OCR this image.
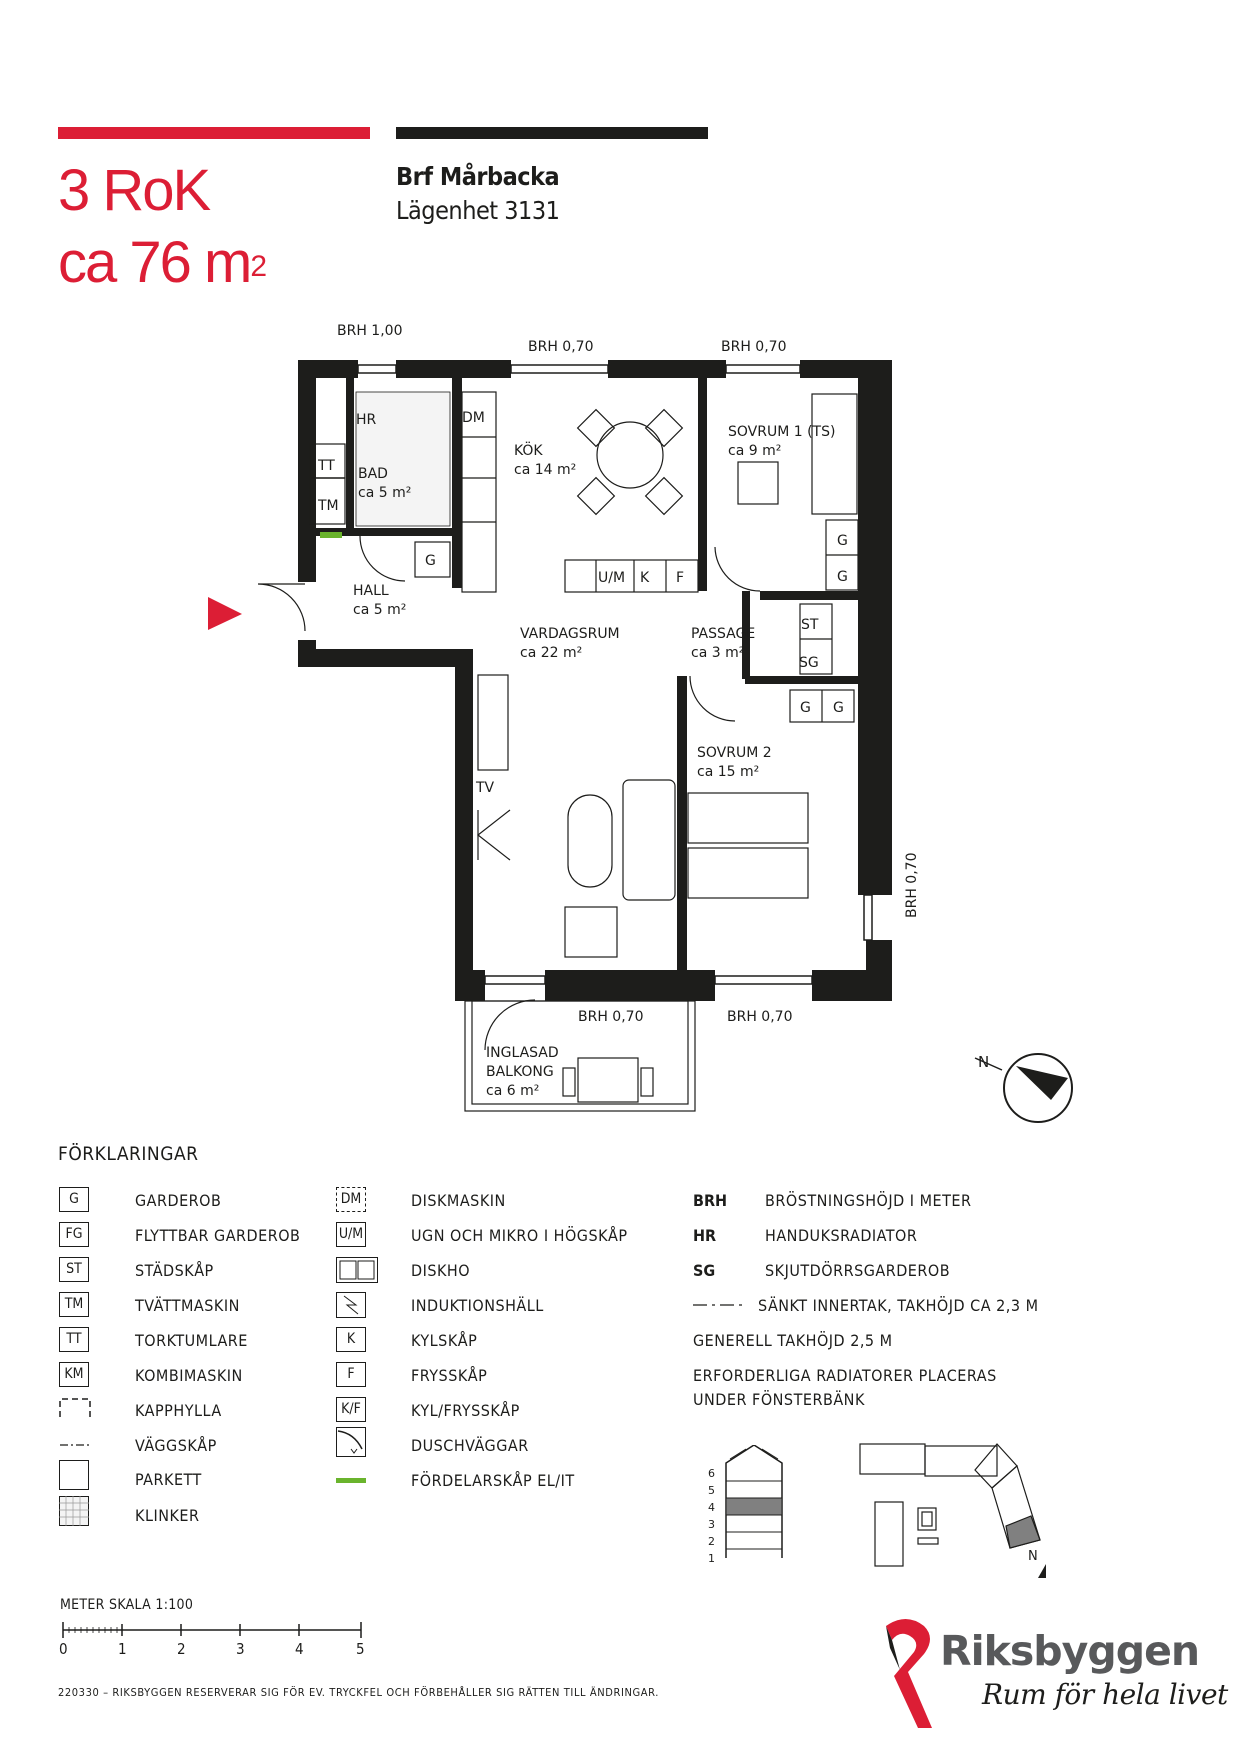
3 RoK
ca 76 $m^2$
Brf Mårbacka
Lägenhet 3131
BRH 1,00
BRH 0,70	BRH 0,70
BRH 0,70
BRH 0,70	BRH 0,70
HR	DM
KÖK
ca 14 m²
SOVRUM 1 (TS)
ca 9 m²
BAD
ca 5 m²
TT
TM
HALL
ca 5 m²
VARDAGSRUM
ca 22 m²
PASSAGE
ca 3 m²
SOVRUM 2
ca 15 m²
INGLASAD
BALKONG
ca 6 m²
TV
U/M K F
G
G
G
ST
SG
G G
N
FÖRKLARINGAR
G	GARDEROB
FG	FLYTTBAR GARDEROB
ST	STÄDSKÅP
TM	TVÄTTMASKIN
TT	TORKTUMLARE
KM	KOMBIMASKIN
KAPPHYLLA
VÄGGSKÅP
PARKETT
KLINKER
DM	DISKMASKIN
U/M	UGN OCH MIKRO I HÖGSKÅP
DISKHO
INDUKTIONSHÄLL
K	KYLSKÅP
F	FRYSSKÅP
K/F	KYL/FRYSSKÅP
DUSCHVÄGGAR
FÖRDELARSKÅP EL/IT
BRH BRÖSTNINGSHÖJD I METER
HR	HANDUKSRADIATOR
SG	SKJUTDÖRRSGARDEROB
SÄNKT INNERTAK, TAKHÖJD CA 2,3 M
GENERELL TAKHÖJD 2,5 M
ERFORDERLIGA RADIATORER PLACERAS
UNDER FÖNSTERBÄNK
6
5
4
3
2
1	N
METER SKALA 1:100
0	1	2	3	4	5
220330 – RIKSBYGGEN RESERVERAR SIG FÖR EV. TRYCKFEL OCH FÖRBEHÅLLER SIG RÄTTEN TILL ÄNDRINGAR.
Riksbyggen
Rum för hela livet
